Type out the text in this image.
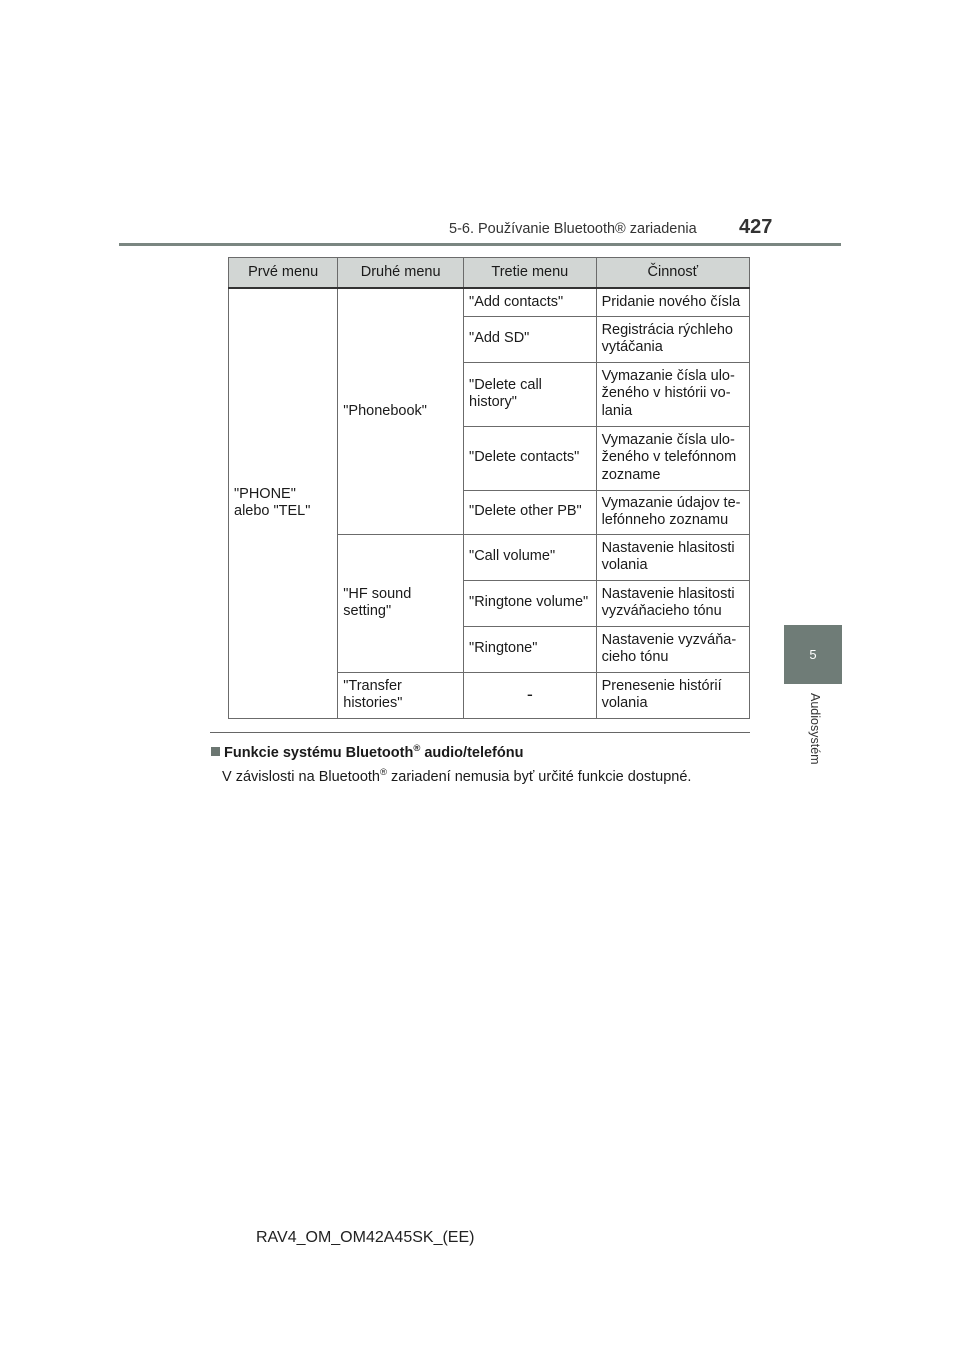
5-6. Používanie Bluetooth® zariadenia 427
5
Audiosystém
Prvé menu	Druhé menu	Tretie menu	Činnosť
"PHONE" alebo "TEL"	"Phonebook"	"Add contacts"	Pridanie nového čísla
		"Add SD"	Registrácia rýchleho vytáčania
		"Delete call history"	Vymazanie čísla uloženého v histórii volania
		"Delete contacts"	Vymazanie čísla uloženého v telefónnom zozname
		"Delete other PB"	Vymazanie údajov telefónneho zoznamu
	"HF sound setting"	"Call volume"	Nastavenie hlasitosti volania
		"Ringtone volume"	Nastavenie hlasitosti vyzváňacieho tónu
		"Ringtone"	Nastavenie vyzváňacieho tónu
	"Transfer histories"	-	Prenesenie histórií volania
Funkcie systému Bluetooth® audio/telefónu
V závislosti na Bluetooth® zariadení nemusia byť určité funkcie dostupné.
RAV4_OM_OM42A45SK_(EE)
